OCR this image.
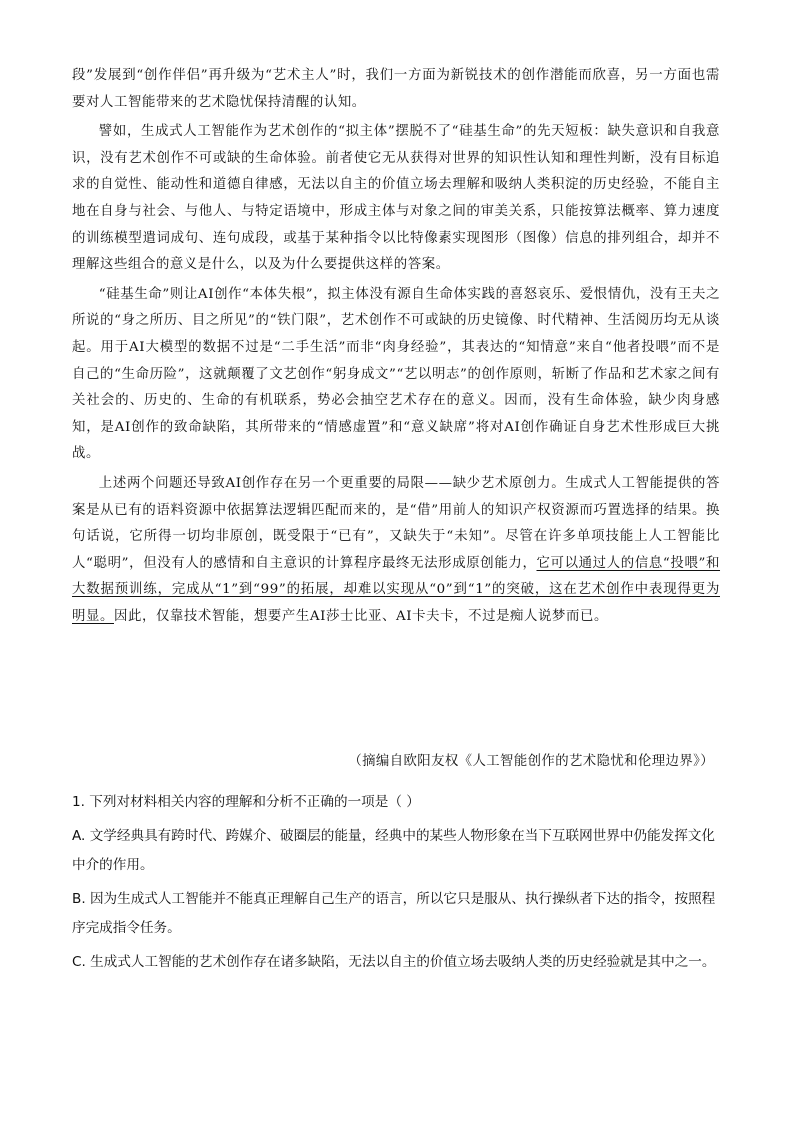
段”发展到“创作伴侣”再升级为“艺术主人”时，我们一方面为新锐技术的创作潜能而欣喜，另一方面也需要对人工智能带来的艺术隐忧保持清醒的认知。

譬如，生成式人工智能作为艺术创作的“拟主体”摆脱不了“硅基生命”的先天短板：缺失意识和自我意识，没有艺术创作不可或缺的生命体验。前者使它无从获得对世界的知识性认知和理性判断，没有目标追求的自觉性、能动性和道德自律感，无法以自主的价值立场去理解和吸纳人类积淀的历史经验，不能自主地在自身与社会、与他人、与特定语境中，形成主体与对象之间的审美关系，只能按算法概率、算力速度的训练模型遣词成句、连句成段，或基于某种指令以比特像素实现图形（图像）信息的排列组合，却并不理解这些组合的意义是什么，以及为什么要提供这样的答案。

“硅基生命”则让AI创作“本体失根”，拟主体没有源自生命体实践的喜怒哀乐、爱恨情仇，没有王夫之所说的“身之所历、目之所见”的“铁门限”，艺术创作不可或缺的历史镜像、时代精神、生活阅历均无从谈起。用于AI大模型的数据不过是“二手生活”而非“肉身经验”，其表达的“知情意”来自“他者投喂”而不是自己的“生命历险”，这就颠覆了文艺创作“躬身成文”“艺以明志”的创作原则，斩断了作品和艺术家之间有关社会的、历史的、生命的有机联系，势必会抽空艺术存在的意义。因而，没有生命体验，缺少肉身感知，是AI创作的致命缺陷，其所带来的“情感虚置”和“意义缺席”将对AI创作确证自身艺术性形成巨大挑战。

上述两个问题还导致AI创作存在另一个更重要的局限——缺少艺术原创力。生成式人工智能提供的答案是从已有的语料资源中依据算法逻辑匹配而来的，是“借”用前人的知识产权资源而巧置选择的结果。换句话说，它所得一切均非原创，既受限于“已有”，又缺失于“未知”。尽管在许多单项技能上人工智能比人“聪明”，但没有人的感情和自主意识的计算程序最终无法形成原创能力，它可以通过人的信息“投喂”和大数据预训练，完成从“1”到“99”的拓展，却难以实现从“0”到“1”的突破，这在艺术创作中表现得更为明显。因此，仅靠技术智能，想要产生AI莎士比亚、AI卡夫卡，不过是痴人说梦而已。

（摘编自欧阳友权《人工智能创作的艺术隐忧和伦理边界》）

1. 下列对材料相关内容的理解和分析不正确的一项是（ ）

A. 文学经典具有跨时代、跨媒介、破圈层的能量，经典中的某些人物形象在当下互联网世界中仍能发挥文化中介的作用。

B. 因为生成式人工智能并不能真正理解自己生产的语言，所以它只是服从、执行操纵者下达的指令，按照程序完成指令任务。

C. 生成式人工智能的艺术创作存在诸多缺陷，无法以自主的价值立场去吸纳人类的历史经验就是其中之一。
